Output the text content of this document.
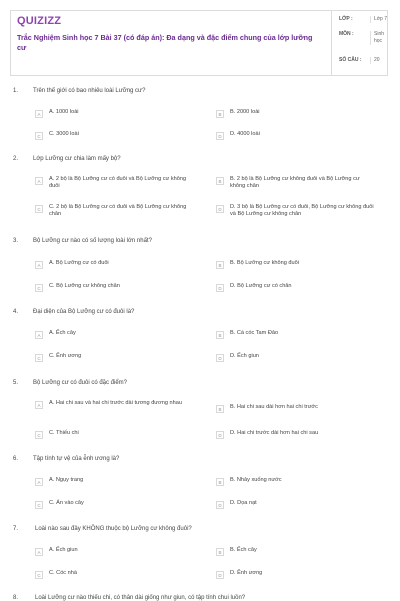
QUIZIZZ
Trắc Nghiệm Sinh học 7 Bài 37 (có đáp án): Đa dạng và đặc điểm chung của lớp lưỡng cư
LỚP :	Lớp 7
MÔN :	Sinh học
SỐ CÂU :	20
1. Trên thế giới có bao nhiêu loài Lưỡng cư?
A	A. 1000 loài	B	B. 2000 loài
C	C. 3000 loài	D	D. 4000 loài
2. Lớp Lưỡng cư chia làm mấy bộ?
A	A. 2 bộ là Bộ Lưỡng cư có đuôi và Bộ Lưỡng cư không đuôi
B	B. 2 bộ là Bộ Lưỡng cư không đuôi và Bộ Lưỡng cư không chân
C	C. 2 bộ là Bộ Lưỡng cư có đuôi và Bộ Lưỡng cư không chân
D	D. 3 bộ là Bộ Lưỡng cư có đuôi, Bộ Lưỡng cư không đuôi và Bộ Lưỡng cư không chân
3. Bộ Lưỡng cư nào có số lượng loài lớn nhất?
A	A. Bộ Lưỡng cư có đuôi	B	B. Bộ Lưỡng cư không đuôi
C	C. Bộ Lưỡng cư không chân	D	D. Bộ Lưỡng cư có chân
4. Đại diện của Bộ Lưỡng cư có đuôi là?
A	A. Ếch cây	B	B. Cá cóc Tam Đảo
C	C. Ễnh ương	D	D. Ếch giun
5. Bộ Lưỡng cư có đuôi có đặc điểm?
A	A. Hai chi sau và hai chi trước dài tương đương nhau
B	B. Hai chi sau dài hơn hai chi trước
C	C. Thiếu chi	D	D. Hai chi trước dài hơn hai chi sau
6. Tập tính tự vệ của ễnh ương là?
A	A. Ngụy trang	B	B. Nhảy xuống nước
C	C. Ẩn vào cây	D	D. Dọa nạt
7.	Loài nào sau đây KHÔNG thuộc bộ Lưỡng cư không đuôi?
A	A. Ếch giun	B	B. Ếch cây
C	C. Cóc nhà	D	D. Ễnh ương
8.	Loài Lưỡng cư nào thiếu chi, có thân dài giống như giun, có tập tính chui luồn?
